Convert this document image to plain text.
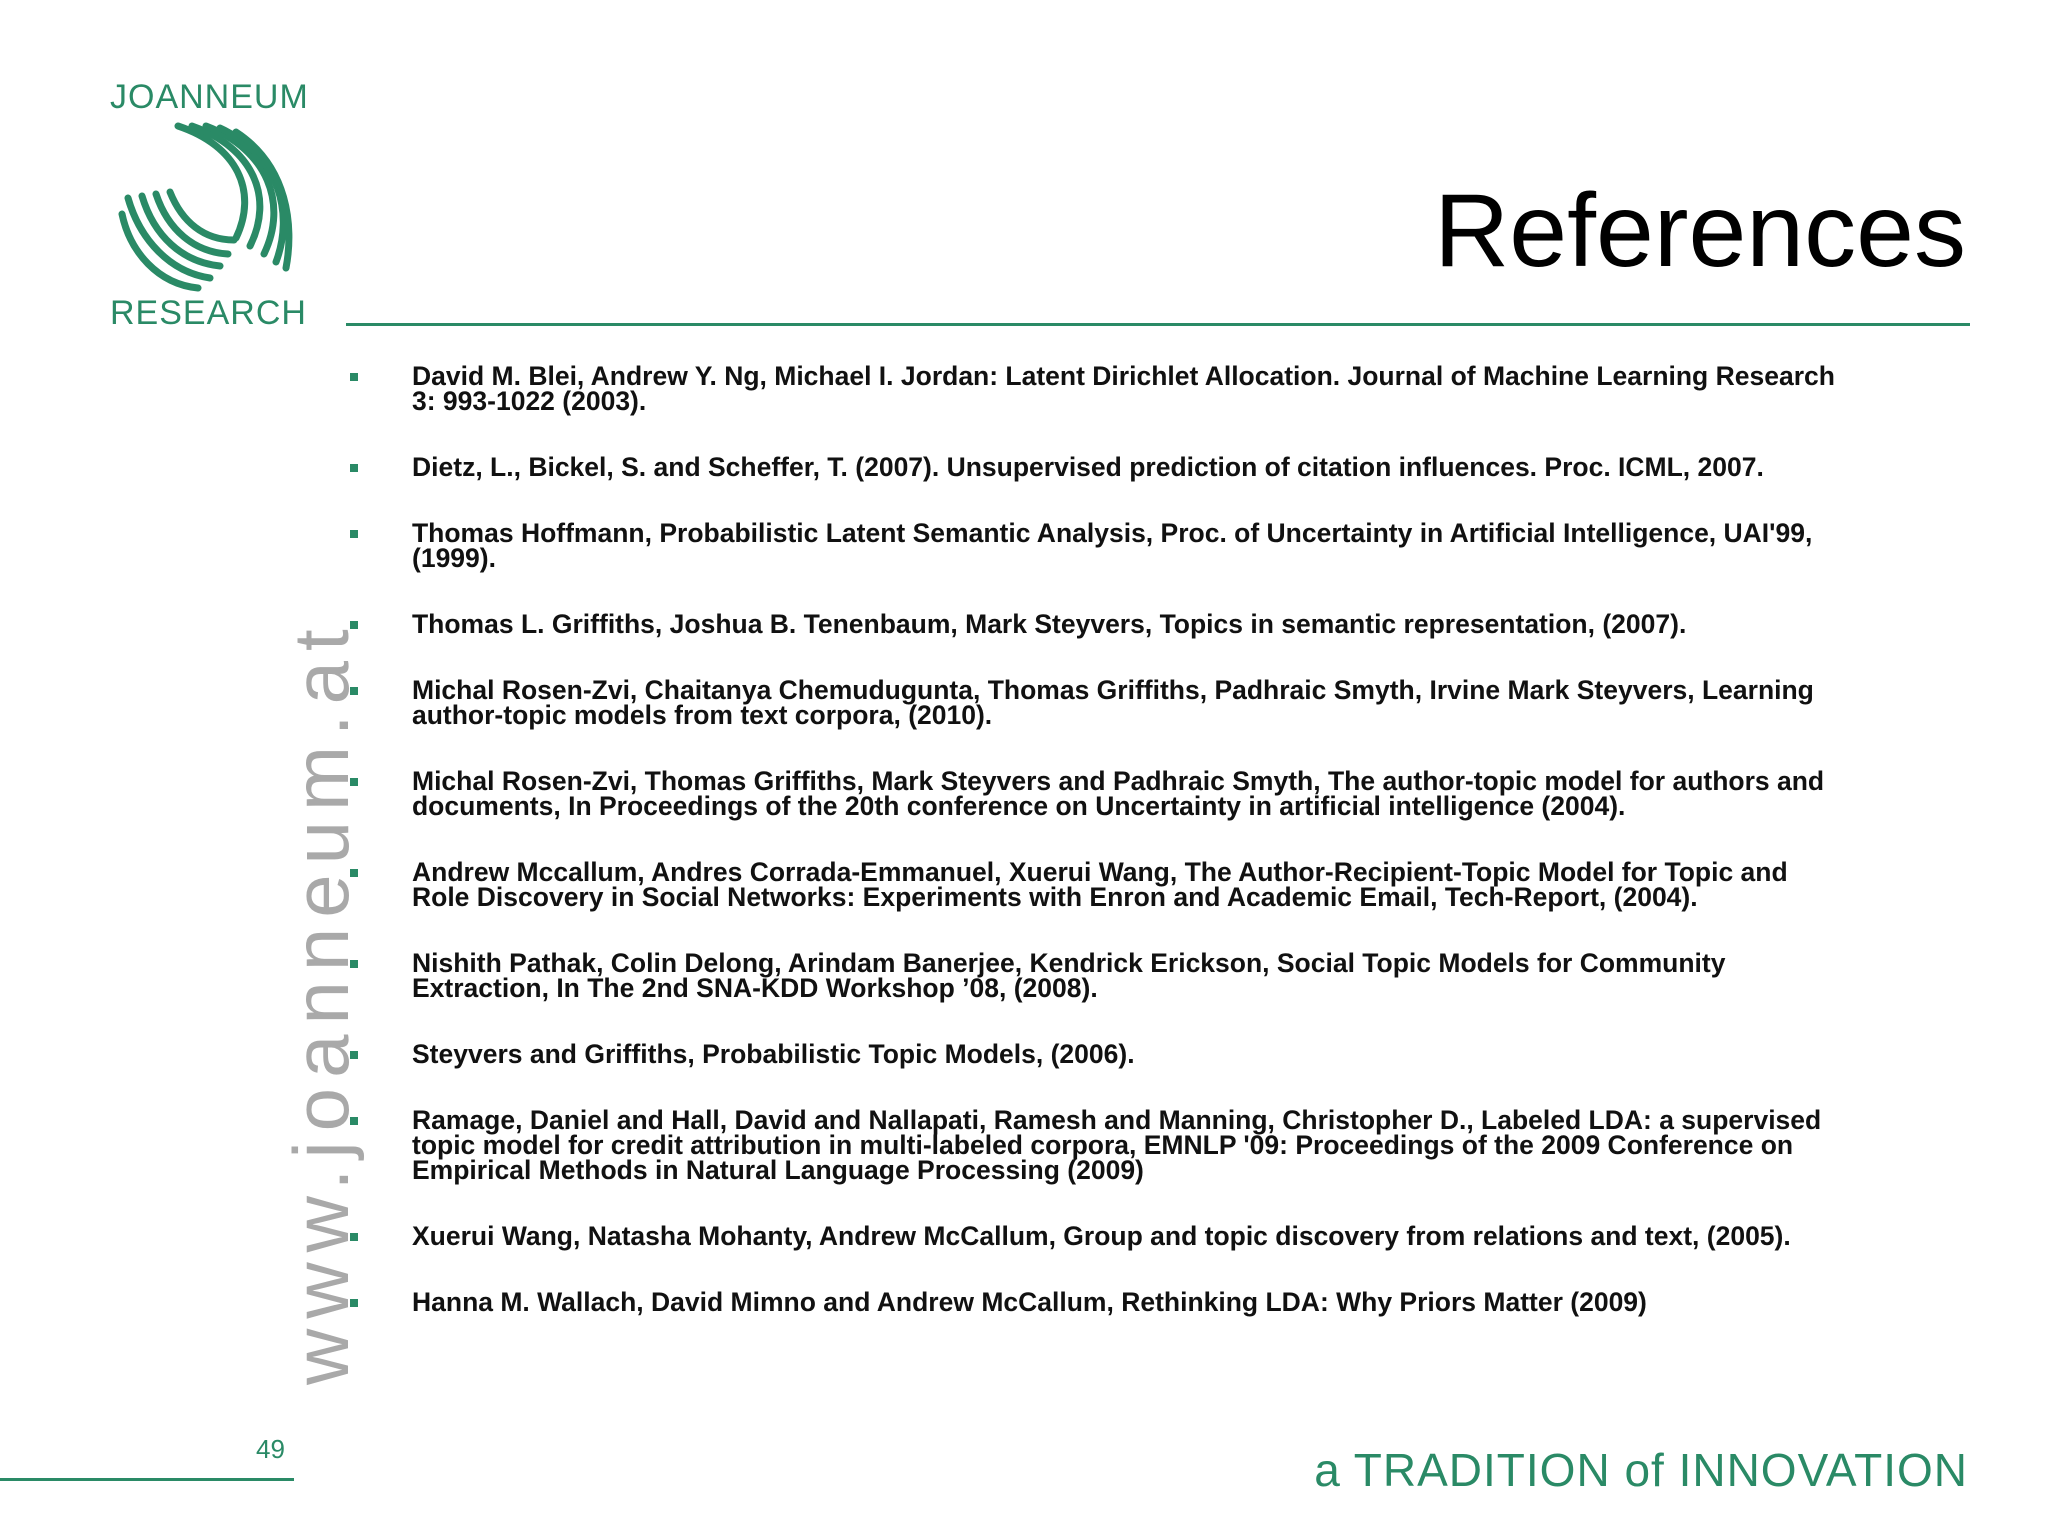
JOANNEUM
RESEARCH
References
David M. Blei, Andrew Y. Ng, Michael I. Jordan: Latent Dirichlet Allocation. Journal of Machine Learning Research
3: 993-1022 (2003).
Dietz, L., Bickel, S. and Scheffer, T. (2007). Unsupervised prediction of citation influences. Proc. ICML, 2007.
Thomas Hoffmann, Probabilistic Latent Semantic Analysis, Proc. of Uncertainty in Artificial Intelligence, UAI'99,
(1999).
Thomas L. Griffiths, Joshua B. Tenenbaum, Mark Steyvers, Topics in semantic representation, (2007).
Michal Rosen-Zvi, Chaitanya Chemudugunta, Thomas Griffiths, Padhraic Smyth, Irvine Mark Steyvers, Learning
author-topic models from text corpora, (2010).
Michal Rosen-Zvi, Thomas Griffiths, Mark Steyvers and Padhraic Smyth, The author-topic model for authors and
documents, In Proceedings of the 20th conference on Uncertainty in artificial intelligence (2004).
Andrew Mccallum, Andres Corrada-Emmanuel, Xuerui Wang, The Author-Recipient-Topic Model for Topic and
Role Discovery in Social Networks: Experiments with Enron and Academic Email, Tech-Report, (2004).
Nishith Pathak, Colin Delong, Arindam Banerjee, Kendrick Erickson, Social Topic Models for Community
Extraction, In The 2nd SNA-KDD Workshop ’08, (2008).
Steyvers and Griffiths, Probabilistic Topic Models, (2006).
Ramage, Daniel and Hall, David and Nallapati, Ramesh and Manning, Christopher D., Labeled LDA: a supervised
topic model for credit attribution in multi-labeled corpora, EMNLP '09: Proceedings of the 2009 Conference on
Empirical Methods in Natural Language Processing (2009)
Xuerui Wang, Natasha Mohanty, Andrew McCallum, Group and topic discovery from relations and text, (2005).
Hanna M. Wallach, David Mimno and Andrew McCallum, Rethinking LDA: Why Priors Matter (2009)
www.joanneum.at
49	a TRADITION of INNOVATION
